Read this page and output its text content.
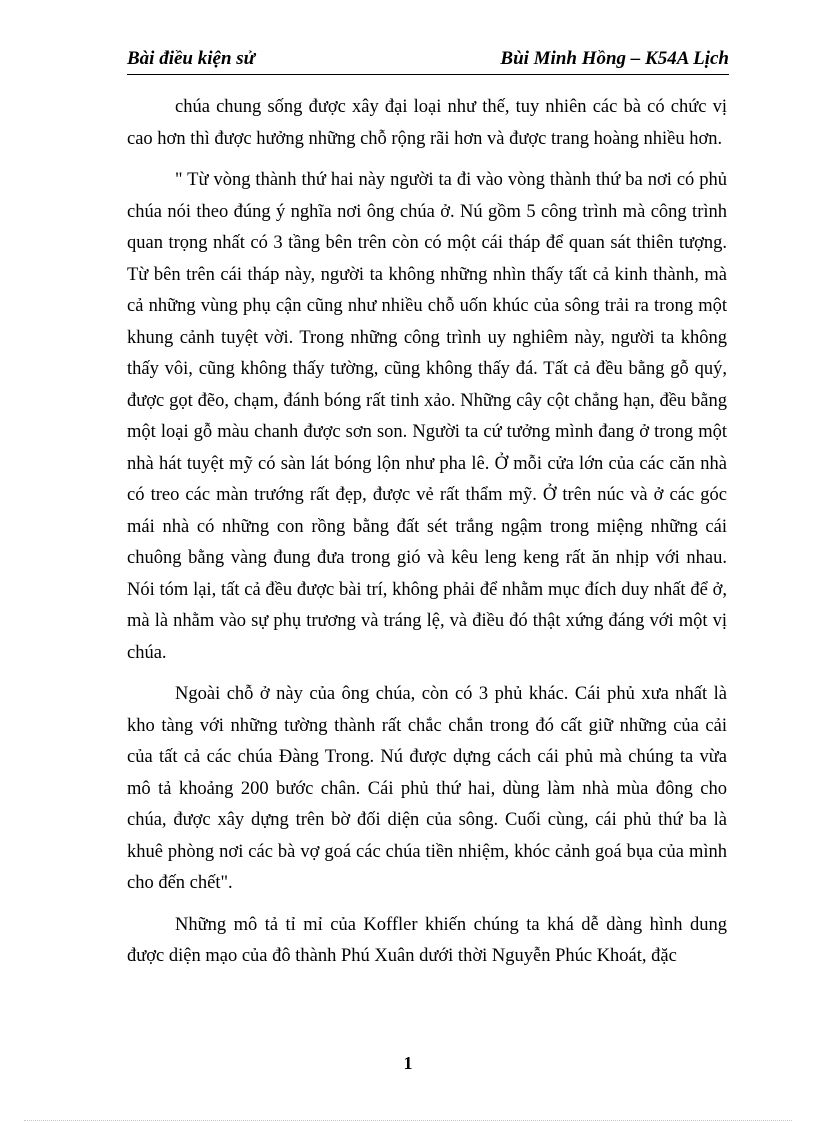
Bài điều kiện sử	Bùi Minh Hồng – K54A Lịch

chúa chung sống được xây đại loại như thế, tuy nhiên các bà có chức vị cao hơn thì được hưởng những chỗ rộng rãi hơn và được trang hoàng nhiều hơn.

" Từ vòng thành thứ hai này người ta đi vào vòng thành thứ ba nơi có phủ chúa nói theo đúng ý nghĩa nơi ông chúa ở. Nú gồm 5 công trình mà công trình quan trọng nhất có 3 tầng bên trên còn có một cái tháp để quan sát thiên tượng. Từ bên trên cái tháp này, người ta không những nhìn thấy tất cả kinh thành, mà cả những vùng phụ cận cũng như nhiều chỗ uốn khúc của sông trải ra trong một khung cảnh tuyệt vời. Trong những công trình uy nghiêm này, người ta không thấy vôi, cũng không thấy tường, cũng không thấy đá. Tất cả đều bằng gỗ quý, được gọt đẽo, chạm, đánh bóng rất tinh xảo. Những cây cột chẳng hạn, đều bằng một loại gỗ màu chanh được sơn son. Người ta cứ tưởng mình đang ở trong một nhà hát tuyệt mỹ có sàn lát bóng lộn như pha lê. Ở mỗi cửa lớn của các căn nhà có treo các màn trướng rất đẹp, được vẻ rất thẩm mỹ. Ở trên núc và ở các góc mái nhà có những con rồng bằng đất sét trắng ngậm trong miệng những cái chuông bằng vàng đung đưa trong gió và kêu leng keng rất ăn nhịp với nhau. Nói tóm lại, tất cả đều được bài trí, không phải để nhằm mục đích duy nhất để ở, mà là nhằm vào sự phụ trương và tráng lệ, và điều đó thật xứng đáng với một vị chúa.

Ngoài chỗ ở này của ông chúa, còn có 3 phủ khác. Cái phủ xưa nhất là kho tàng với những tường thành rất chắc chắn trong đó cất giữ những của cải của tất cả các chúa Đàng Trong. Nú được dựng cách cái phủ mà chúng ta vừa mô tả khoảng 200 bước chân. Cái phủ thứ hai, dùng làm nhà mùa đông cho chúa, được xây dựng trên bờ đối diện của sông. Cuối cùng, cái phủ thứ ba là khuê phòng nơi các bà vợ goá các chúa tiền nhiệm, khóc cảnh goá bụa của mình cho đến chết".

Những mô tả tỉ mỉ của Koffler khiến chúng ta khá dễ dàng hình dung được diện mạo của đô thành Phú Xuân dưới thời Nguyễn Phúc Khoát, đặc

1
